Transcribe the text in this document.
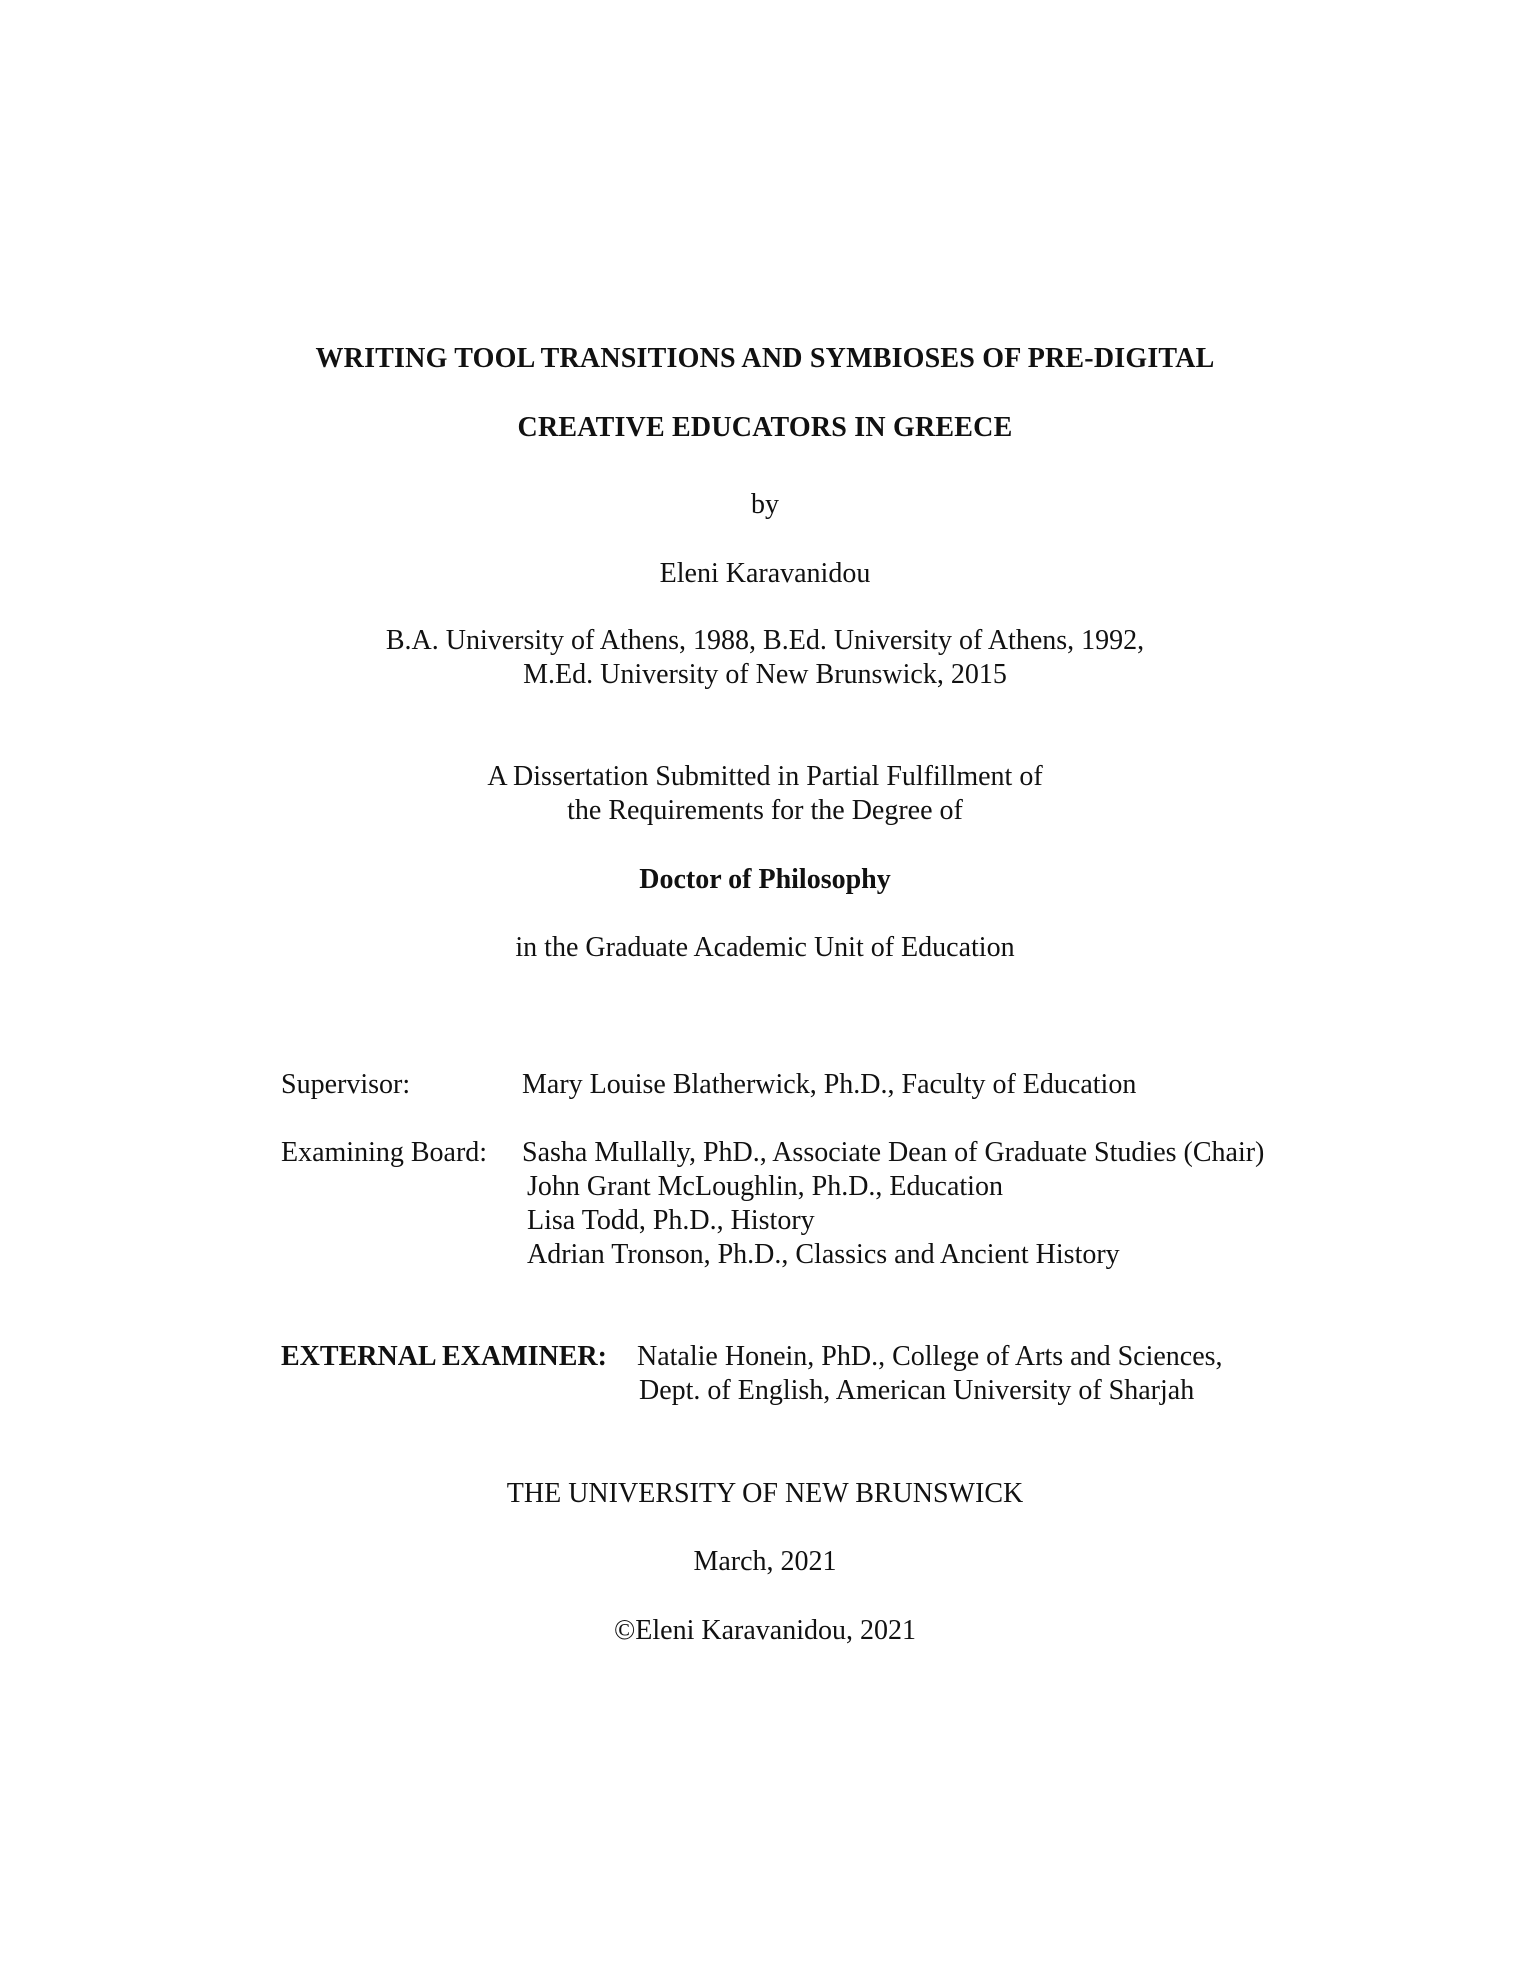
WRITING TOOL TRANSITIONS AND SYMBIOSES OF PRE-DIGITAL
CREATIVE EDUCATORS IN GREECE
by
Eleni Karavanidou
B.A. University of Athens, 1988, B.Ed. University of Athens, 1992,
M.Ed. University of New Brunswick, 2015
A Dissertation Submitted in Partial Fulfillment of
the Requirements for the Degree of
Doctor of Philosophy
in the Graduate Academic Unit of Education
Supervisor:	Mary Louise Blatherwick, Ph.D., Faculty of Education
Examining Board: Sasha Mullally, PhD., Associate Dean of Graduate Studies (Chair)
John Grant McLoughlin, Ph.D., Education
Lisa Todd, Ph.D., History
Adrian Tronson, Ph.D., Classics and Ancient History
EXTERNAL EXAMINER: Natalie Honein, PhD., College of Arts and Sciences,
Dept. of English, American University of Sharjah
THE UNIVERSITY OF NEW BRUNSWICK
March, 2021
©Eleni Karavanidou, 2021
